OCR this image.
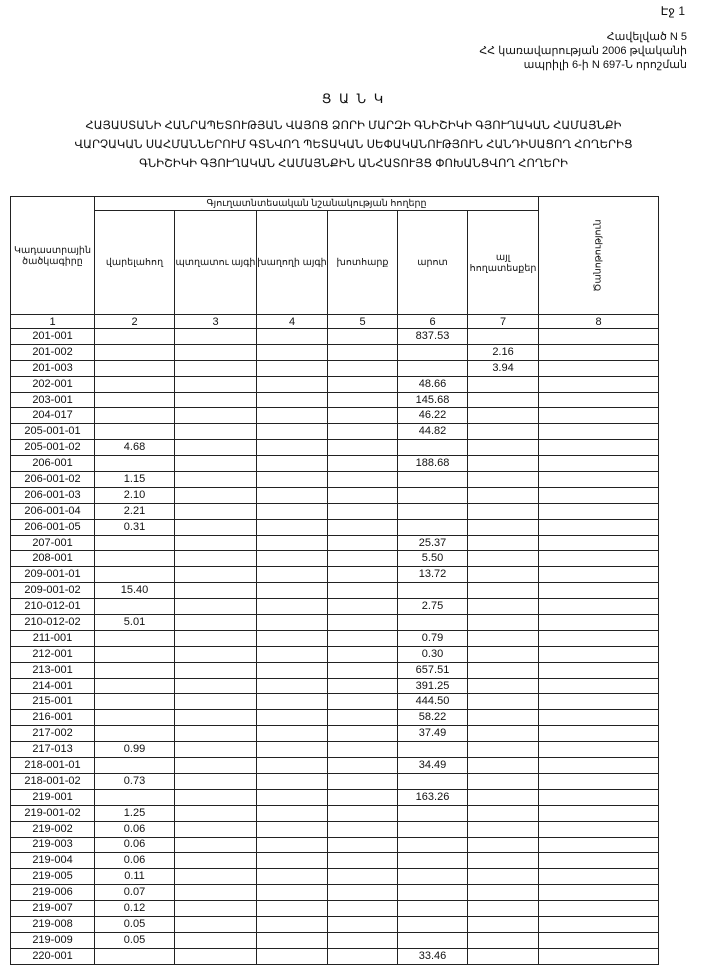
Էջ 1
Հավելված N 5
ՀՀ կառավարության 2006 թվականի
ապրիլի 6-ի N 697-Ն որոշման
Ց Ա Ն Կ
ՀԱՅԱՍՏԱՆԻ ՀԱՆՐԱՊԵՏՈՒԹՅԱՆ ՎԱՅՈՑ ՁՈՐԻ ՄԱՐԶԻ ԳՆԻՇԻԿԻ ԳՅՈՒՂԱԿԱՆ ՀԱՄԱՅՆՔԻ
ՎԱՐՉԱԿԱՆ ՍԱՀՄԱՆՆԵՐՈՒՄ ԳՏՆՎՈՂ ՊԵՏԱԿԱՆ ՍԵՓԱԿԱՆՈՒԹՅՈՒՆ ՀԱՆԴԻՍԱՑՈՂ ՀՈՂԵՐԻՑ
ԳՆԻՇԻԿԻ ԳՅՈՒՂԱԿԱՆ ՀԱՄԱՅՆՔԻՆ ԱՆՀԱՏՈՒՅՑ ՓՈԽԱՆՑՎՈՂ ՀՈՂԵՐԻ
Կադաստրային ծածկագիրը	Գյուղատնտեսական նշանակության հողերը						Ծանոթություն
	վարելահող	պտղատու այգի	խաղողի այգի	խոտհարք	արոտ	այլ հողատեսքեր	
1	2	3	4	5	6	7	8
201-001					837.53		
201-002						2.16	
201-003						3.94	
202-001					48.66		
203-001					145.68		
204-017					46.22		
205-001-01					44.82		
205-001-02	4.68						
206-001					188.68		
206-001-02	1.15						
206-001-03	2.10						
206-001-04	2.21						
206-001-05	0.31						
207-001					25.37		
208-001					5.50		
209-001-01					13.72		
209-001-02	15.40						
210-012-01					2.75		
210-012-02	5.01						
211-001					0.79		
212-001					0.30		
213-001					657.51		
214-001					391.25		
215-001					444.50		
216-001					58.22		
217-002					37.49		
217-013	0.99						
218-001-01					34.49		
218-001-02	0.73						
219-001					163.26		
219-001-02	1.25						
219-002	0.06						
219-003	0.06						
219-004	0.06						
219-005	0.11						
219-006	0.07						
219-007	0.12						
219-008	0.05						
219-009	0.05						
220-001					33.46		
